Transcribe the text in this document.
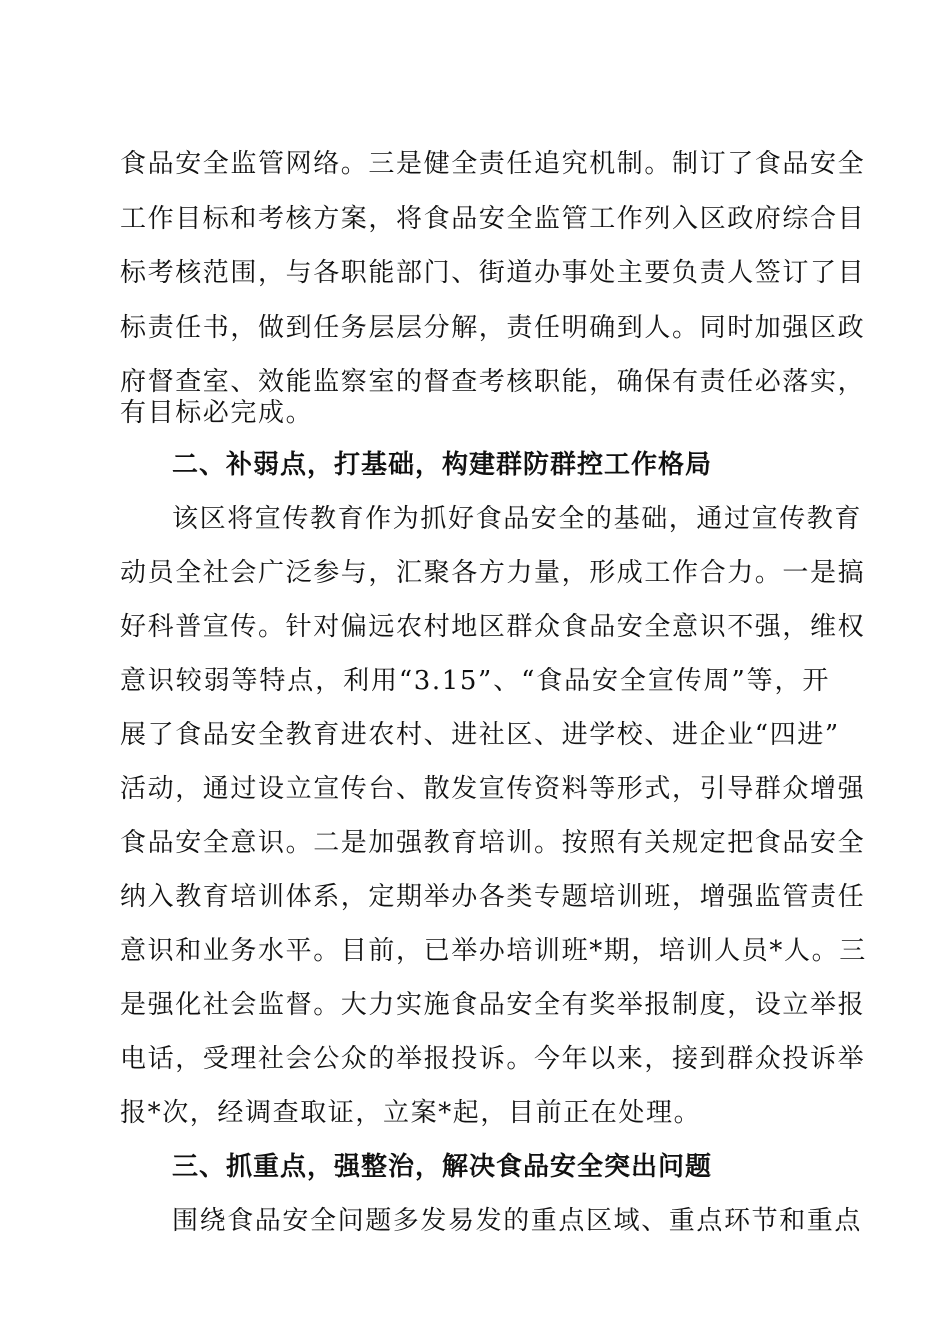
食品安全监管网络。三是健全责任追究机制。制订了食品安全
工作目标和考核方案，将食品安全监管工作列入区政府综合目
标考核范围，与各职能部门、街道办事处主要负责人签订了目
标责任书，做到任务层层分解，责任明确到人。同时加强区政
府督查室、效能监察室的督查考核职能，确保有责任必落实，
有目标必完成。
二、补弱点，打基础，构建群防群控工作格局
该区将宣传教育作为抓好食品安全的基础，通过宣传教育
动员全社会广泛参与，汇聚各方力量，形成工作合力。一是搞
好科普宣传。针对偏远农村地区群众食品安全意识不强，维权
意识较弱等特点，利用“3.15”、“食品安全宣传周”等，开
展了食品安全教育进农村、进社区、进学校、进企业“四进”
活动，通过设立宣传台、散发宣传资料等形式，引导群众增强
食品安全意识。二是加强教育培训。按照有关规定把食品安全
纳入教育培训体系，定期举办各类专题培训班，增强监管责任
意识和业务水平。目前，已举办培训班*期，培训人员*人。三
是强化社会监督。大力实施食品安全有奖举报制度，设立举报
电话，受理社会公众的举报投诉。今年以来，接到群众投诉举
报*次，经调查取证，立案*起，目前正在处理。
三、抓重点，强整治，解决食品安全突出问题
围绕食品安全问题多发易发的重点区域、重点环节和重点
